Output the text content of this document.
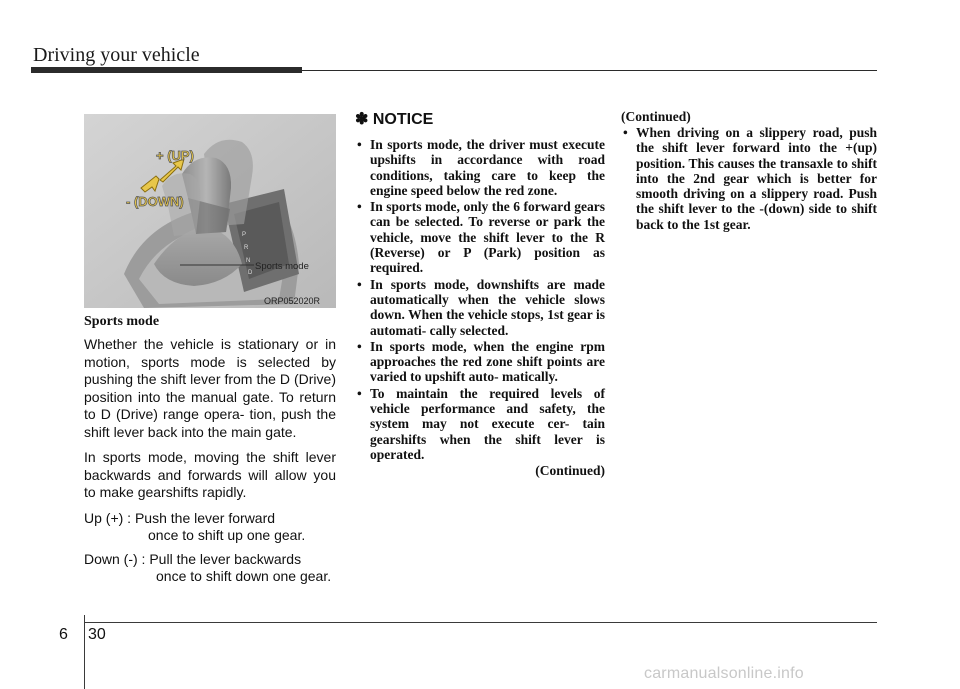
Driving your vehicle
P
R
N
D
+ (UP)
- (DOWN)
Sports mode
ORP052020R
Sports mode

Whether the vehicle is stationary or in motion, sports mode is selected by pushing the shift lever from the D (Drive) position into the manual gate. To return to D (Drive) range opera- tion, push the shift lever back into the main gate.

In sports mode, moving the shift lever backwards and forwards will allow you to make gearshifts rapidly.

Up (+) : Push the lever forward
once to shift up one gear.
Down (-) : Pull the lever backwards
once to shift down one gear.
✽ NOTICE
• In sports mode, the driver must execute upshifts in accordance with road conditions, taking care to keep the engine speed below the red zone.
• In sports mode, only the 6 forward gears can be selected. To reverse or park the vehicle, move the shift lever to the R (Reverse) or P (Park) position as required.
• In sports mode, downshifts are made automatically when the vehicle slows down. When the vehicle stops, 1st gear is automati- cally selected.
• In sports mode, when the engine rpm approaches the red zone shift points are varied to upshift auto- matically.
• To maintain the required levels of vehicle performance and safety, the system may not execute cer- tain gearshifts when the shift lever is operated.
(Continued)
(Continued)
• When driving on a slippery road, push the shift lever forward into the +(up) position. This causes the transaxle to shift into the 2nd gear which is better for smooth driving on a slippery road. Push the shift lever to the -(down) side to shift back to the 1st gear.
6 30
carmanualsonline.info
